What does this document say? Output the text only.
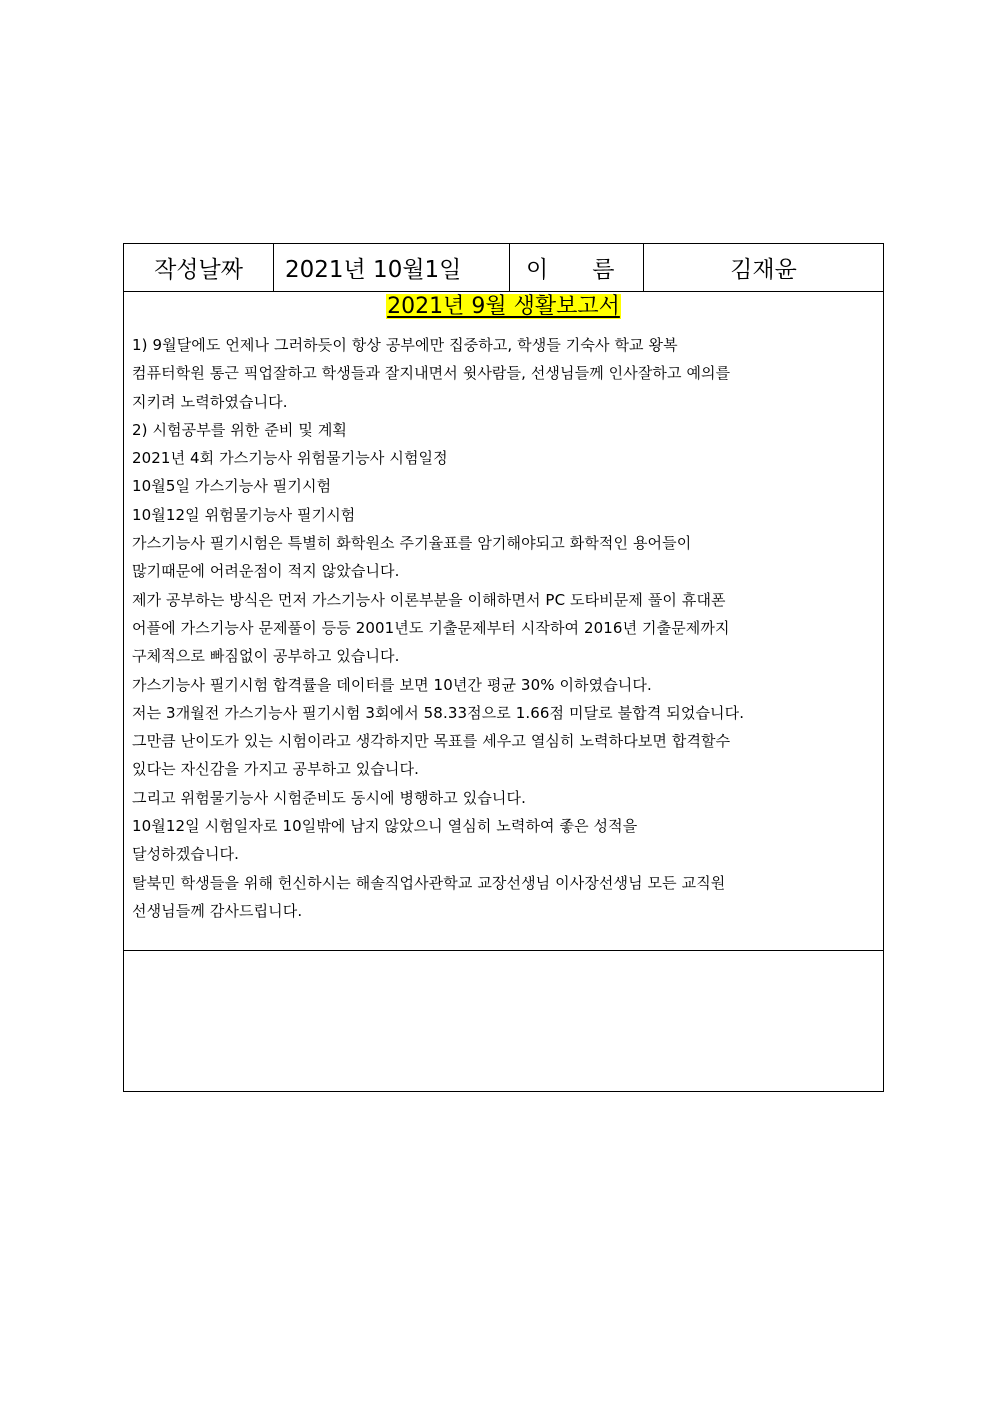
작성날짜	2021년 10월1일	이 름	김재윤
2021년 9월 생활보고서
1) 9월달에도 언제나 그러하듯이 항상 공부에만 집중하고, 학생들 기숙사 학교 왕복
컴퓨터학원 통근 픽업잘하고 학생들과 잘지내면서 윗사람들, 선생님들께 인사잘하고 예의를
지키려 노력하였습니다.
2) 시험공부를 위한 준비 및 계획
2021년 4회 가스기능사 위험물기능사 시험일정
10월5일 가스기능사 필기시험
10월12일 위험물기능사 필기시험
가스기능사 필기시험은 특별히 화학원소 주기율표를 암기해야되고 화학적인 용어들이
많기때문에 어려운점이 적지 않았습니다.
제가 공부하는 방식은 먼저 가스기능사 이론부분을 이해하면서 PC 도타비문제 풀이 휴대폰
어플에 가스기능사 문제풀이 등등 2001년도 기출문제부터 시작하여 2016년 기출문제까지
구체적으로 빠짐없이 공부하고 있습니다.
가스기능사 필기시험 합격률을 데이터를 보면 10년간 평균 30% 이하였습니다.
저는 3개월전 가스기능사 필기시험 3회에서 58.33점으로 1.66점 미달로 불합격 되었습니다.
그만큼 난이도가 있는 시험이라고 생각하지만 목표를 세우고 열심히 노력하다보면 합격할수
있다는 자신감을 가지고 공부하고 있습니다.
그리고 위험물기능사 시험준비도 동시에 병행하고 있습니다.
10월12일 시험일자로 10일밖에 남지 않았으니 열심히 노력하여 좋은 성적을
달성하겠습니다.
탈북민 학생들을 위해 헌신하시는 해솔직업사관학교 교장선생님 이사장선생님 모든 교직원
선생님들께 감사드립니다.
